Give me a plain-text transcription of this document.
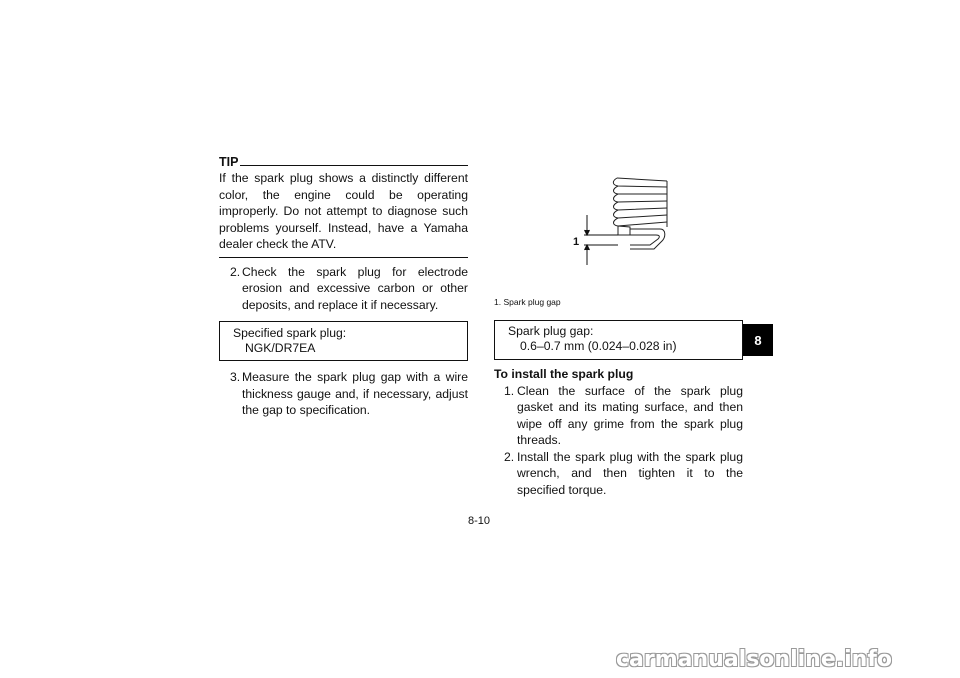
TIP

If the spark plug shows a distinctly different color, the engine could be operating improperly. Do not attempt to diagnose such problems yourself. Instead, have a Yamaha dealer check the ATV.

2. Check the spark plug for electrode erosion and excessive carbon or other deposits, and replace it if necessary.
Specified spark plug:
NGK/DR7EA
3. Measure the spark plug gap with a wire thickness gauge and, if necessary, adjust the gap to specification.
1
1. Spark plug gap
Spark plug gap:
0.6–0.7 mm (0.024–0.028 in)
To install the spark plug
1. Clean the surface of the spark plug gasket and its mating surface, and then wipe off any grime from the spark plug threads.
2. Install the spark plug with the spark plug wrench, and then tighten it to the specified torque.
8
8-10
carmanualsonline.info
